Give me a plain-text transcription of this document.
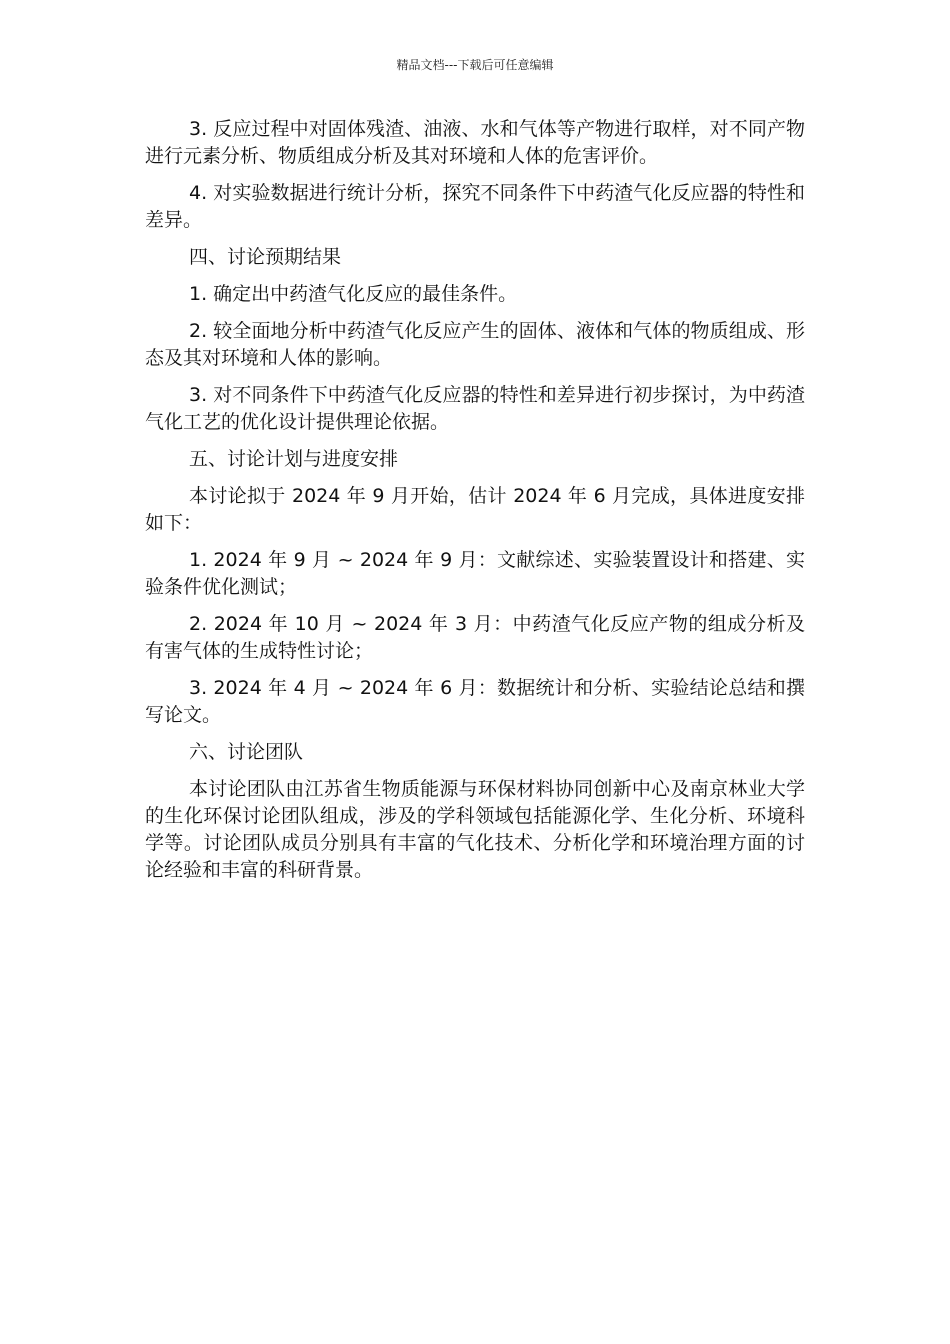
精品文档---下载后可任意编辑

3. 反应过程中对固体残渣、油液、水和气体等产物进行取样，对不同产物进行元素分析、物质组成分析及其对环境和人体的危害评价。

4. 对实验数据进行统计分析，探究不同条件下中药渣气化反应器的特性和差异。

四、讨论预期结果

1. 确定出中药渣气化反应的最佳条件。

2. 较全面地分析中药渣气化反应产生的固体、液体和气体的物质组成、形态及其对环境和人体的影响。

3. 对不同条件下中药渣气化反应器的特性和差异进行初步探讨，为中药渣气化工艺的优化设计提供理论依据。

五、讨论计划与进度安排

本讨论拟于 2024 年 9 月开始，估计 2024 年 6 月完成，具体进度安排如下：

1. 2024 年 9 月 ~ 2024 年 9 月：文献综述、实验装置设计和搭建、实验条件优化测试；

2. 2024 年 10 月 ~ 2024 年 3 月：中药渣气化反应产物的组成分析及有害气体的生成特性讨论；

3. 2024 年 4 月 ~ 2024 年 6 月：数据统计和分析、实验结论总结和撰写论文。

六、讨论团队

本讨论团队由江苏省生物质能源与环保材料协同创新中心及南京林业大学的生化环保讨论团队组成，涉及的学科领域包括能源化学、生化分析、环境科学等。讨论团队成员分别具有丰富的气化技术、分析化学和环境治理方面的讨论经验和丰富的科研背景。
